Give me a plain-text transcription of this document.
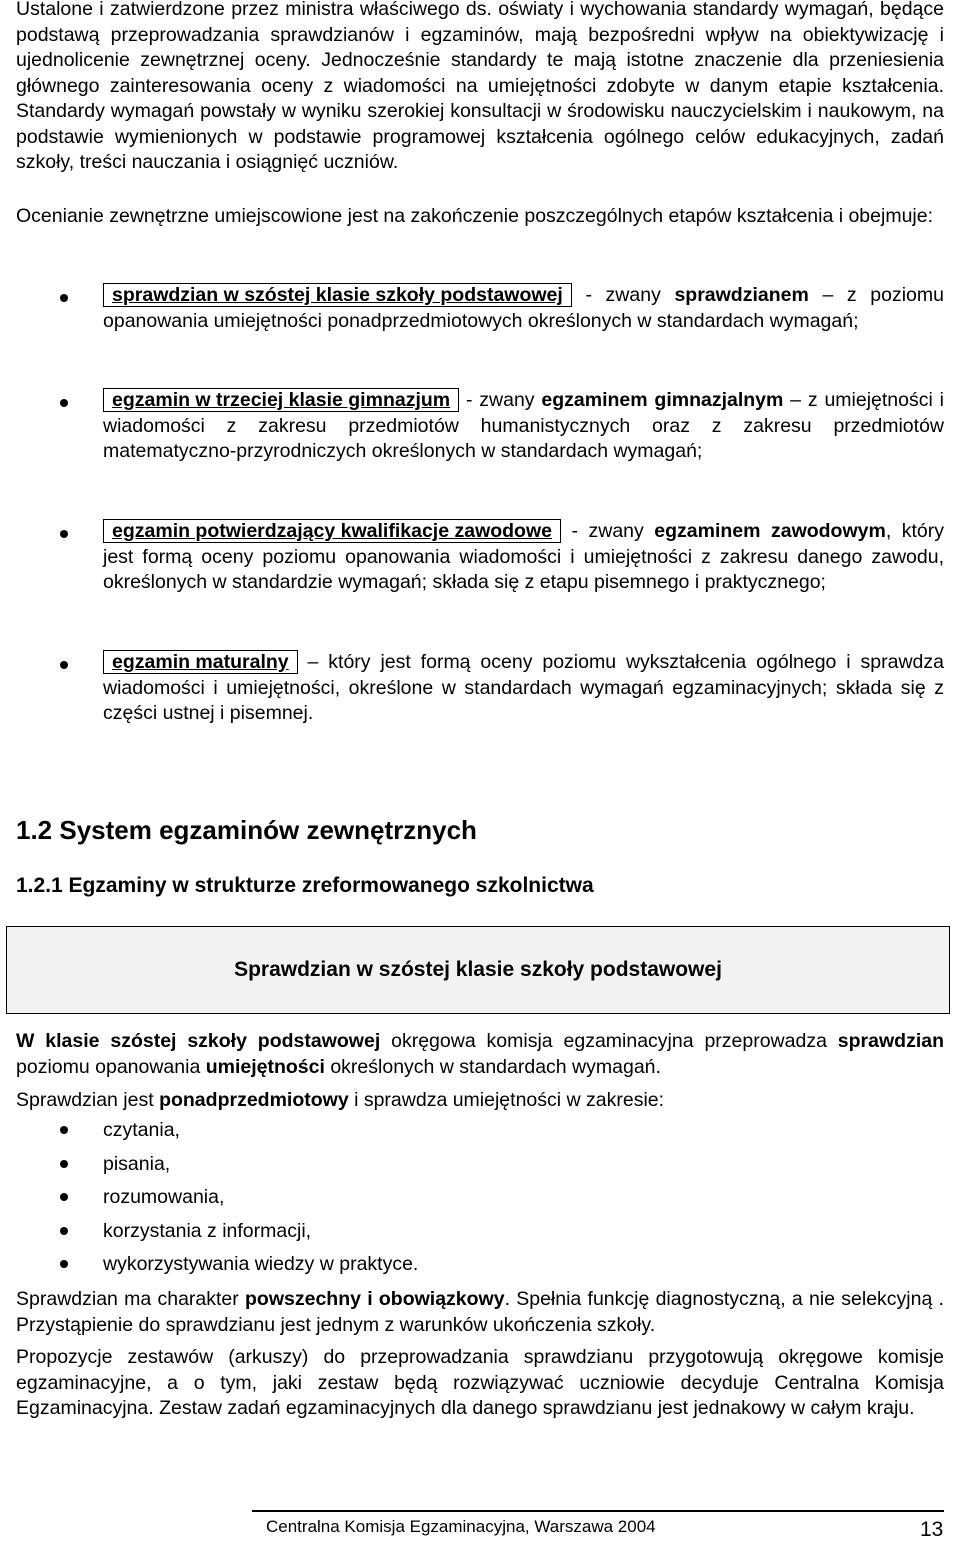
Ustalone i zatwierdzone przez ministra właściwego ds. oświaty i wychowania standardy wymagań, będące podstawą przeprowadzania sprawdzianów i egzaminów, mają bezpośredni wpływ na obiektywizację i ujednolicenie zewnętrznej oceny. Jednocześnie standardy te mają istotne znaczenie dla przeniesienia głównego zainteresowania oceny z wiadomości na umiejętności zdobyte w danym etapie kształcenia. Standardy wymagań powstały w wyniku szerokiej konsultacji w środowisku nauczycielskim i naukowym, na podstawie wymienionych w podstawie programowej kształcenia ogólnego celów edukacyjnych, zadań szkoły, treści nauczania i osiągnięć uczniów.

Ocenianie zewnętrzne umiejscowione jest na zakończenie poszczególnych etapów kształcenia i obejmuje:

sprawdzian w szóstej klasie szkoły podstawowej - zwany sprawdzianem – z poziomu opanowania umiejętności ponadprzedmiotowych określonych w standardach wymagań;

egzamin w trzeciej klasie gimnazjum - zwany egzaminem gimnazjalnym – z umiejętności i wiadomości z zakresu przedmiotów humanistycznych oraz z zakresu przedmiotów matematyczno-przyrodniczych określonych w standardach wymagań;

egzamin potwierdzający kwalifikacje zawodowe - zwany egzaminem zawodowym, który jest formą oceny poziomu opanowania wiadomości i umiejętności z zakresu danego zawodu, określonych w standardzie wymagań; składa się z etapu pisemnego i praktycznego;

egzamin maturalny – który jest formą oceny poziomu wykształcenia ogólnego i sprawdza wiadomości i umiejętności, określone w standardach wymagań egzaminacyjnych; składa się z części ustnej i pisemnej.

1.2 System egzaminów zewnętrznych
1.2.1 Egzaminy w strukturze zreformowanego szkolnictwa
Sprawdzian w szóstej klasie szkoły podstawowej

W klasie szóstej szkoły podstawowej okręgowa komisja egzaminacyjna przeprowadza sprawdzian poziomu opanowania umiejętności określonych w standardach wymagań.

Sprawdzian jest ponadprzedmiotowy i sprawdza umiejętności w zakresie:

czytania,
pisania,
rozumowania,
korzystania z informacji,
wykorzystywania wiedzy w praktyce.

Sprawdzian ma charakter powszechny i obowiązkowy. Spełnia funkcję diagnostyczną, a nie selekcyjną . Przystąpienie do sprawdzianu jest jednym z warunków ukończenia szkoły.

Propozycje zestawów (arkuszy) do przeprowadzania sprawdzianu przygotowują okręgowe komisje egzaminacyjne, a o tym, jaki zestaw będą rozwiązywać uczniowie decyduje Centralna Komisja Egzaminacyjna. Zestaw zadań egzaminacyjnych dla danego sprawdzianu jest jednakowy w całym kraju.

Centralna Komisja Egzaminacyjna, Warszawa 2004	13
